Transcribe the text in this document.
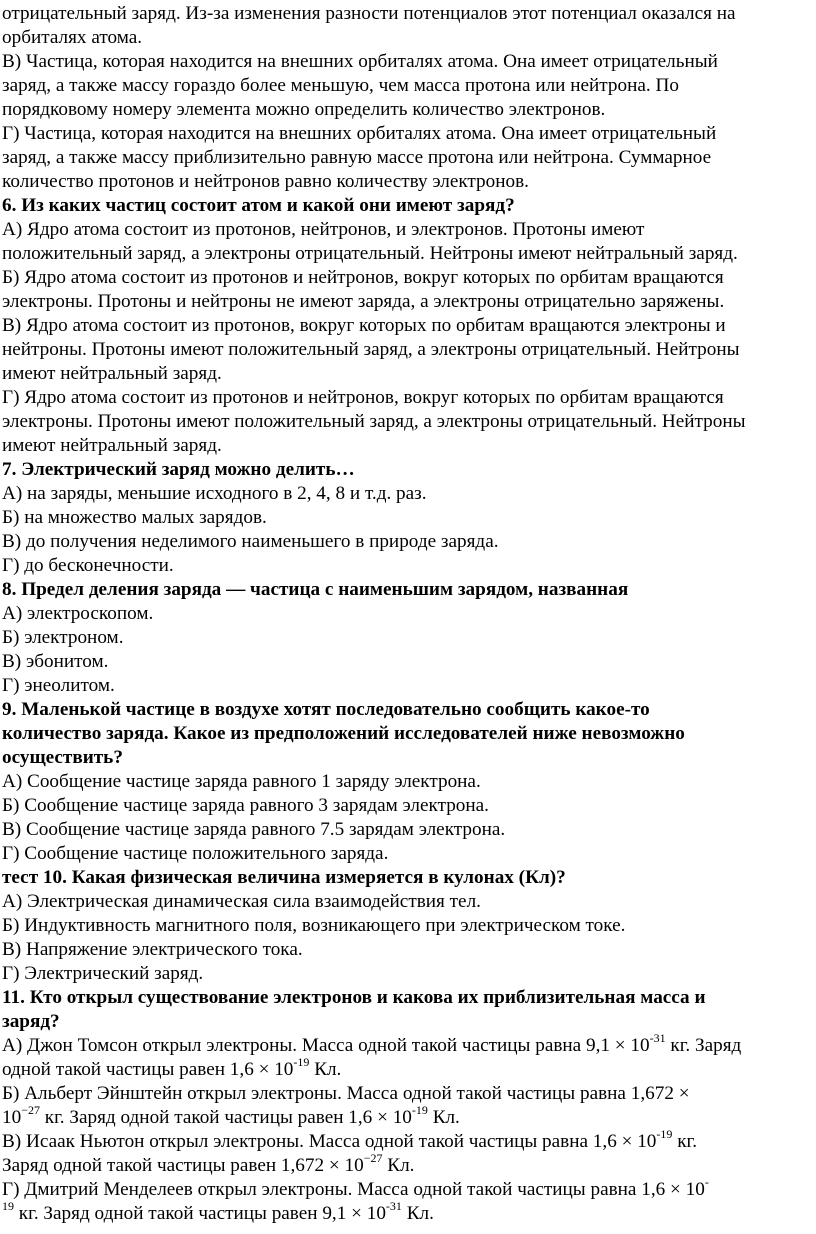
отрицательный заряд. Из-за изменения разности потенциалов этот потенциал оказался на
орбиталях атома.
В) Частица, которая находится на внешних орбиталях атома. Она имеет отрицательный
заряд, а также массу гораздо более меньшую, чем масса протона или нейтрона. По
порядковому номеру элемента можно определить количество электронов.
Г) Частица, которая находится на внешних орбиталях атома. Она имеет отрицательный
заряд, а также массу приблизительно равную массе протона или нейтрона. Суммарное
количество протонов и нейтронов равно количеству электронов.
6. Из каких частиц состоит атом и какой они имеют заряд?
А) Ядро атома состоит из протонов, нейтронов, и электронов. Протоны имеют
положительный заряд, а электроны отрицательный. Нейтроны имеют нейтральный заряд.
Б) Ядро атома состоит из протонов и нейтронов, вокруг которых по орбитам вращаются
электроны. Протоны и нейтроны не имеют заряда, а электроны отрицательно заряжены.
В) Ядро атома состоит из протонов, вокруг которых по орбитам вращаются электроны и
нейтроны. Протоны имеют положительный заряд, а электроны отрицательный. Нейтроны
имеют нейтральный заряд.
Г) Ядро атома состоит из протонов и нейтронов, вокруг которых по орбитам вращаются
электроны. Протоны имеют положительный заряд, а электроны отрицательный. Нейтроны
имеют нейтральный заряд.
7. Электрический заряд можно делить…
А) на заряды, меньшие исходного в 2, 4, 8 и т.д. раз.
Б) на множество малых зарядов.
В) до получения неделимого наименьшего в природе заряда.
Г) до бесконечности.
8. Предел деления заряда — частица с наименьшим зарядом, названная
А) электроскопом.
Б) электроном.
В) эбонитом.
Г) энеолитом.
9. Маленькой частице в воздухе хотят последовательно сообщить какое-то
количество заряда. Какое из предположений исследователей ниже невозможно
осуществить?
А) Сообщение частице заряда равного 1 заряду электрона.
Б) Сообщение частице заряда равного 3 зарядам электрона.
В) Сообщение частице заряда равного 7.5 зарядам электрона.
Г) Сообщение частице положительного заряда.
тест 10. Какая физическая величина измеряется в кулонах (Кл)?
А) Электрическая динамическая сила взаимодействия тел.
Б) Индуктивность магнитного поля, возникающего при электрическом токе.
В) Напряжение электрического тока.
Г) Электрический заряд.
11. Кто открыл существование электронов и какова их приблизительная масса и
заряд?
А) Джон Томсон открыл электроны. Масса одной такой частицы равна $9,1 \times 10^{-31}$ кг. Заряд
одной такой частицы равен $1,6 \times 10^{-19}$ Кл.
Б) Альберт Эйнштейн открыл электроны. Масса одной такой частицы равна 1,672 ×
$10^{-27}$ кг. Заряд одной такой частицы равен $1,6 \times 10^{-19}$ Кл.
В) Исаак Ньютон открыл электроны. Масса одной такой частицы равна $1,6 \times 10^{-19}$ кг.
Заряд одной такой частицы равен $1,672 \times 10^{-27}$ Кл.
Г) Дмитрий Менделеев открыл электроны. Масса одной такой частицы равна 1,6 × 10-
$^{19}$ кг. Заряд одной такой частицы равен $9,1 \times 10^{-31}$ Кл.
